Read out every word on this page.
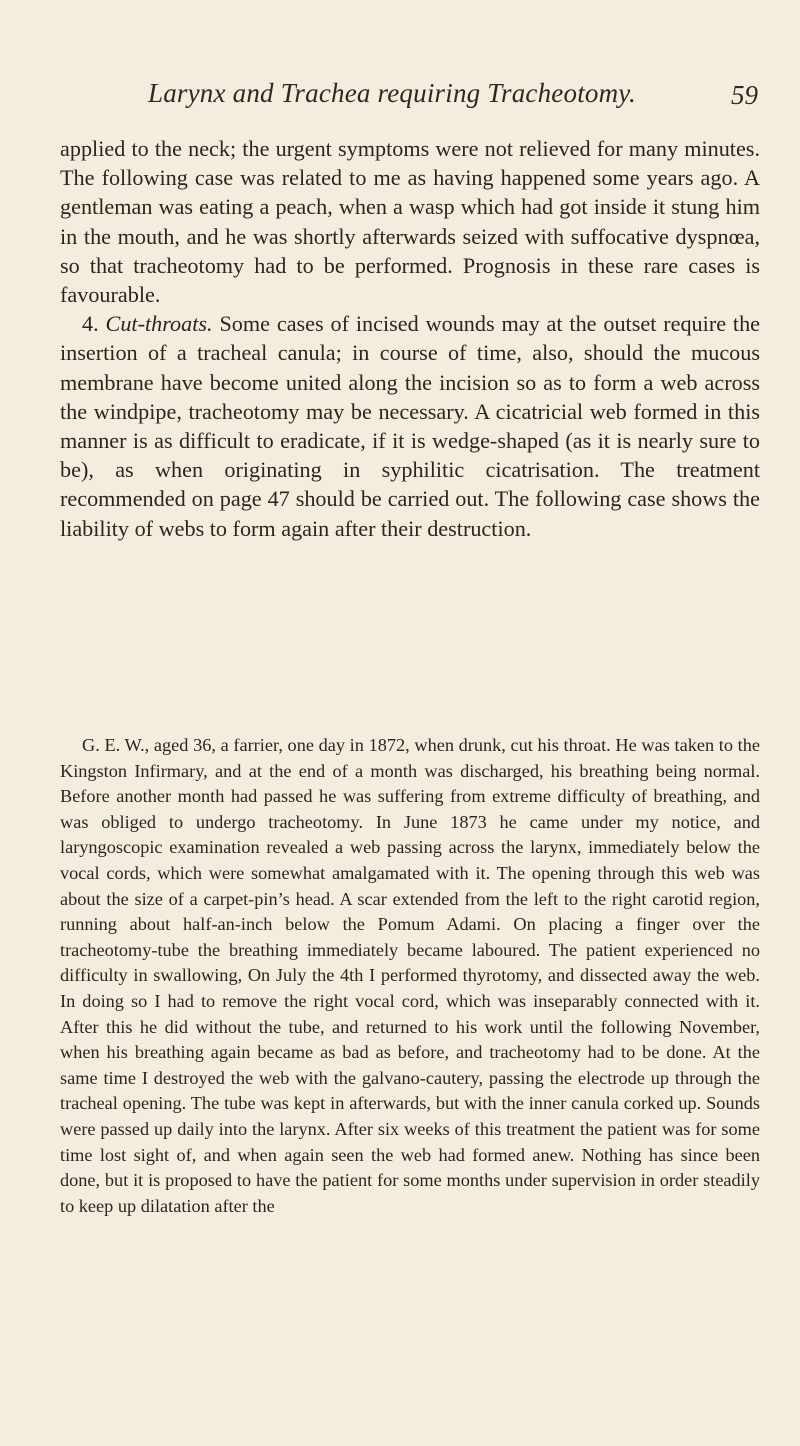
Larynx and Trachea requiring Tracheotomy.	59

applied to the neck; the urgent symptoms were not relieved for many minutes. The following case was related to me as having happened some years ago. A gentleman was eating a peach, when a wasp which had got inside it stung him in the mouth, and he was shortly afterwards seized with suffocative dyspnœa, so that tracheotomy had to be performed. Prognosis in these rare cases is favourable.

4. Cut-throats. Some cases of incised wounds may at the outset require the insertion of a tracheal canula; in course of time, also, should the mucous membrane have become united along the incision so as to form a web across the windpipe, tracheotomy may be necessary. A cicatricial web formed in this manner is as difficult to eradicate, if it is wedge-shaped (as it is nearly sure to be), as when originating in syphilitic cicatrisation. The treatment recommended on page 47 should be carried out. The following case shows the liability of webs to form again after their destruction.

G. E. W., aged 36, a farrier, one day in 1872, when drunk, cut his throat. He was taken to the Kingston Infirmary, and at the end of a month was discharged, his breathing being normal. Before another month had passed he was suffering from extreme difficulty of breathing, and was obliged to undergo tracheotomy. In June 1873 he came under my notice, and laryngoscopic examination revealed a web passing across the larynx, immediately below the vocal cords, which were somewhat amalgamated with it. The opening through this web was about the size of a carpet-pin’s head. A scar extended from the left to the right carotid region, running about half-an-inch below the Pomum Adami. On placing a finger over the tracheotomy-tube the breathing immediately became laboured. The patient experienced no difficulty in swallowing, On July the 4th I performed thyrotomy, and dissected away the web. In doing so I had to remove the right vocal cord, which was inseparably connected with it. After this he did without the tube, and returned to his work until the following November, when his breathing again became as bad as before, and tracheotomy had to be done. At the same time I destroyed the web with the galvano-cautery, passing the electrode up through the tracheal opening. The tube was kept in afterwards, but with the inner canula corked up. Sounds were passed up daily into the larynx. After six weeks of this treatment the patient was for some time lost sight of, and when again seen the web had formed anew. Nothing has since been done, but it is proposed to have the patient for some months under supervision in order steadily to keep up dilatation after the
